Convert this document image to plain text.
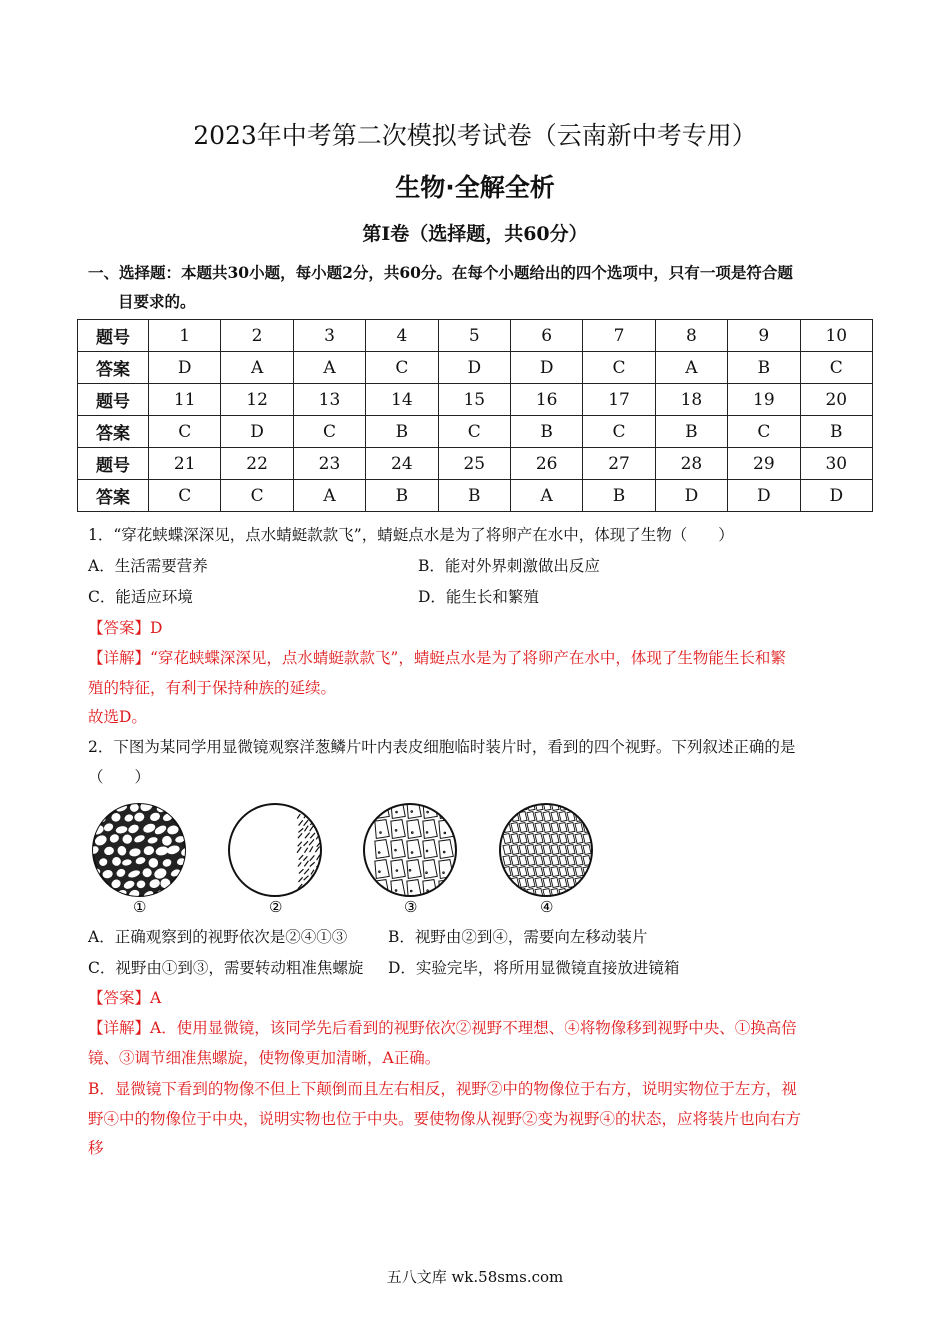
2023年中考第二次模拟考试卷（云南新中考专用）
生物·全解全析
第Ⅰ卷（选择题，共60分）
一、选择题：本题共30小题，每小题2分，共60分。在每个小题给出的四个选项中，只有一项是符合题
目要求的。
题号	1	2	3	4	5	6	7	8	9	10
答案	D	A	A	C	D	D	C	A	B	C
题号	11	12	13	14	15	16	17	18	19	20
答案	C	D	C	B	C	B	C	B	C	B
题号	21	22	23	24	25	26	27	28	29	30
答案	C	C	A	B	B	A	B	D	D	D
1．“穿花蛱蝶深深见，点水蜻蜓款款飞”，蜻蜓点水是为了将卵产在水中，体现了生物（　　）
A．生活需要营养	B．能对外界刺激做出反应
C．能适应环境	D．能生长和繁殖
【答案】D
【详解】“穿花蛱蝶深深见，点水蜻蜓款款飞”，蜻蜓点水是为了将卵产在水中，体现了生物能生长和繁
殖的特征，有利于保持种族的延续。
故选D。
2．下图为某同学用显微镜观察洋葱鳞片叶内表皮细胞临时装片时，看到的四个视野。下列叙述正确的是
（　　）
①	②	③	④
A．正确观察到的视野依次是②④①③	B．视野由②到④，需要向左移动装片
C．视野由①到③，需要转动粗准焦螺旋 D．实验完毕，将所用显微镜直接放进镜箱
【答案】A
【详解】A．使用显微镜，该同学先后看到的视野依次②视野不理想、④将物像移到视野中央、①换高倍
镜、③调节细准焦螺旋，使物像更加清晰，A正确。
B．显微镜下看到的物像不但上下颠倒而且左右相反，视野②中的物像位于右方，说明实物位于左方，视
野④中的物像位于中央，说明实物也位于中央。要使物像从视野②变为视野④的状态，应将装片也向右方
移
五八文库 wk.58sms.com
